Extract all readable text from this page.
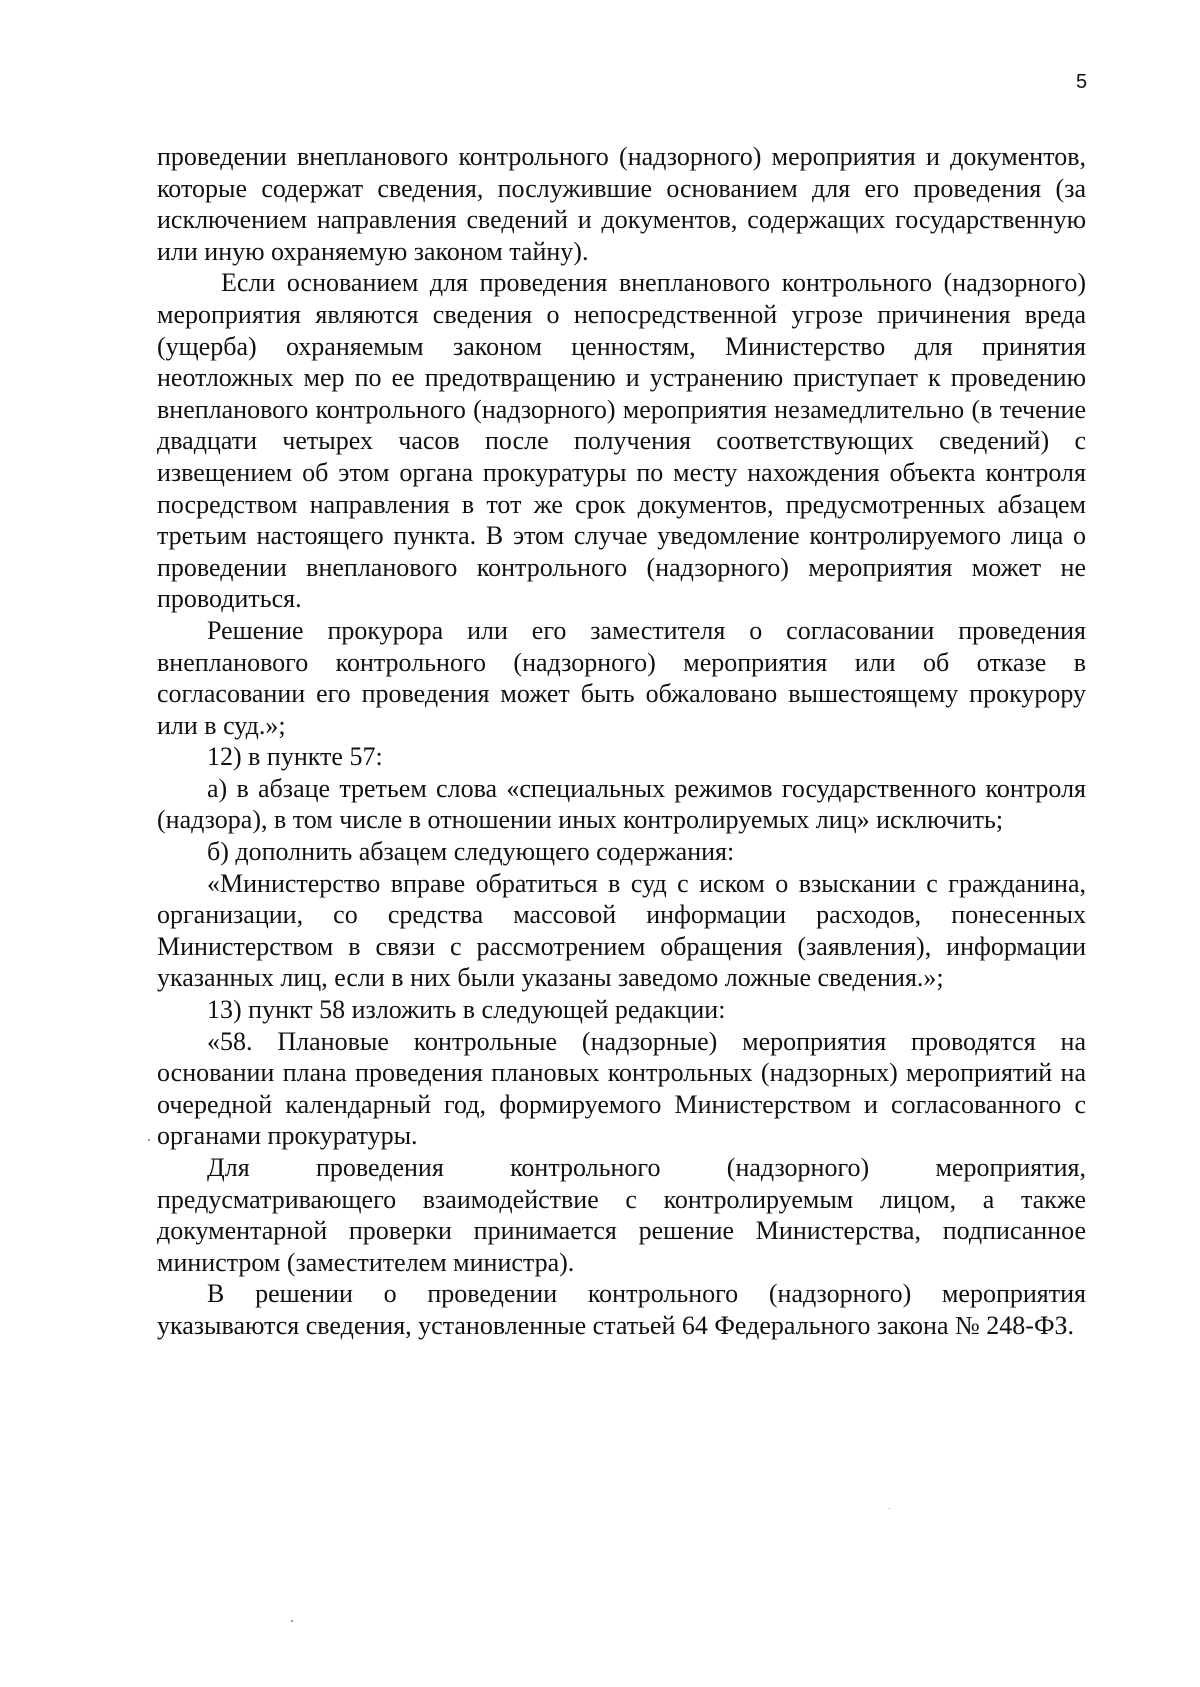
5

проведении внепланового контрольного (надзорного) мероприятия и документов, которые содержат сведения, послужившие основанием для его проведения (за исключением направления сведений и документов, содержащих государственную или иную охраняемую законом тайну).

Если основанием для проведения внепланового контрольного (надзорного) мероприятия являются сведения о непосредственной угрозе причинения вреда (ущерба) охраняемым законом ценностям, Министерство для принятия неотложных мер по ее предотвращению и устранению приступает к проведению внепланового контрольного (надзорного) мероприятия незамедлительно (в течение двадцати четырех часов после получения соответствующих сведений) с извещением об этом органа прокуратуры по месту нахождения объекта контроля посредством направления в тот же срок документов, предусмотренных абзацем третьим настоящего пункта. В этом случае уведомление контролируемого лица о проведении внепланового контрольного (надзорного) мероприятия может не проводиться.

Решение прокурора или его заместителя о согласовании проведения внепланового контрольного (надзорного) мероприятия или об отказе в согласовании его проведения может быть обжаловано вышестоящему прокурору или в суд.»;

12) в пункте 57:

а) в абзаце третьем слова «специальных режимов государственного контроля (надзора), в том числе в отношении иных контролируемых лиц» исключить;

б) дополнить абзацем следующего содержания:

«Министерство вправе обратиться в суд с иском о взыскании с гражданина, организации, со средства массовой информации расходов, понесенных Министерством в связи с рассмотрением обращения (заявления), информации указанных лиц, если в них были указаны заведомо ложные сведения.»;

13) пункт 58 изложить в следующей редакции:

«58. Плановые контрольные (надзорные) мероприятия проводятся на основании плана проведения плановых контрольных (надзорных) мероприятий на очередной календарный год, формируемого Министерством и согласованного с органами прокуратуры.

Для проведения контрольного (надзорного) мероприятия, предусматривающего взаимодействие с контролируемым лицом, а также документарной проверки принимается решение Министерства, подписанное министром (заместителем министра).

В решении о проведении контрольного (надзорного) мероприятия указываются сведения, установленные статьей 64 Федерального закона № 248-ФЗ.
